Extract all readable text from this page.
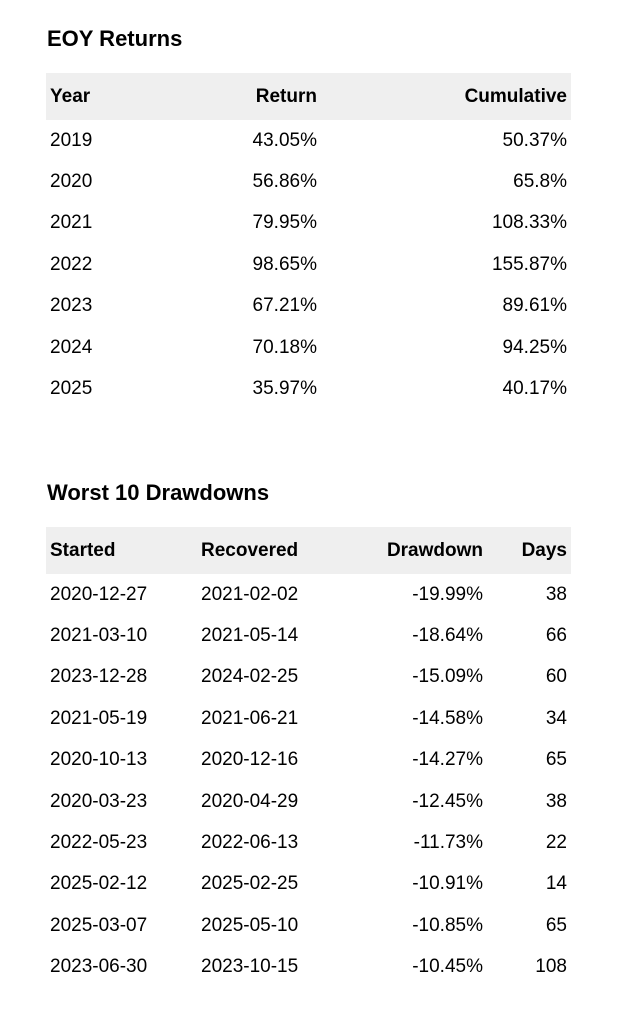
EOY Returns
Year	Return	Cumulative
2019	43.05%	50.37%
2020	56.86%	65.8%
2021	79.95%	108.33%
2022	98.65%	155.87%
2023	67.21%	89.61%
2024	70.18%	94.25%
2025	35.97%	40.17%
Worst 10 Drawdowns
Started	Recovered	Drawdown	Days
2020-12-27	2021-02-02	-19.99%	38
2021-03-10	2021-05-14	-18.64%	66
2023-12-28	2024-02-25	-15.09%	60
2021-05-19	2021-06-21	-14.58%	34
2020-10-13	2020-12-16	-14.27%	65
2020-03-23	2020-04-29	-12.45%	38
2022-05-23	2022-06-13	-11.73%	22
2025-02-12	2025-02-25	-10.91%	14
2025-03-07	2025-05-10	-10.85%	65
2023-06-30	2023-10-15	-10.45%	108
